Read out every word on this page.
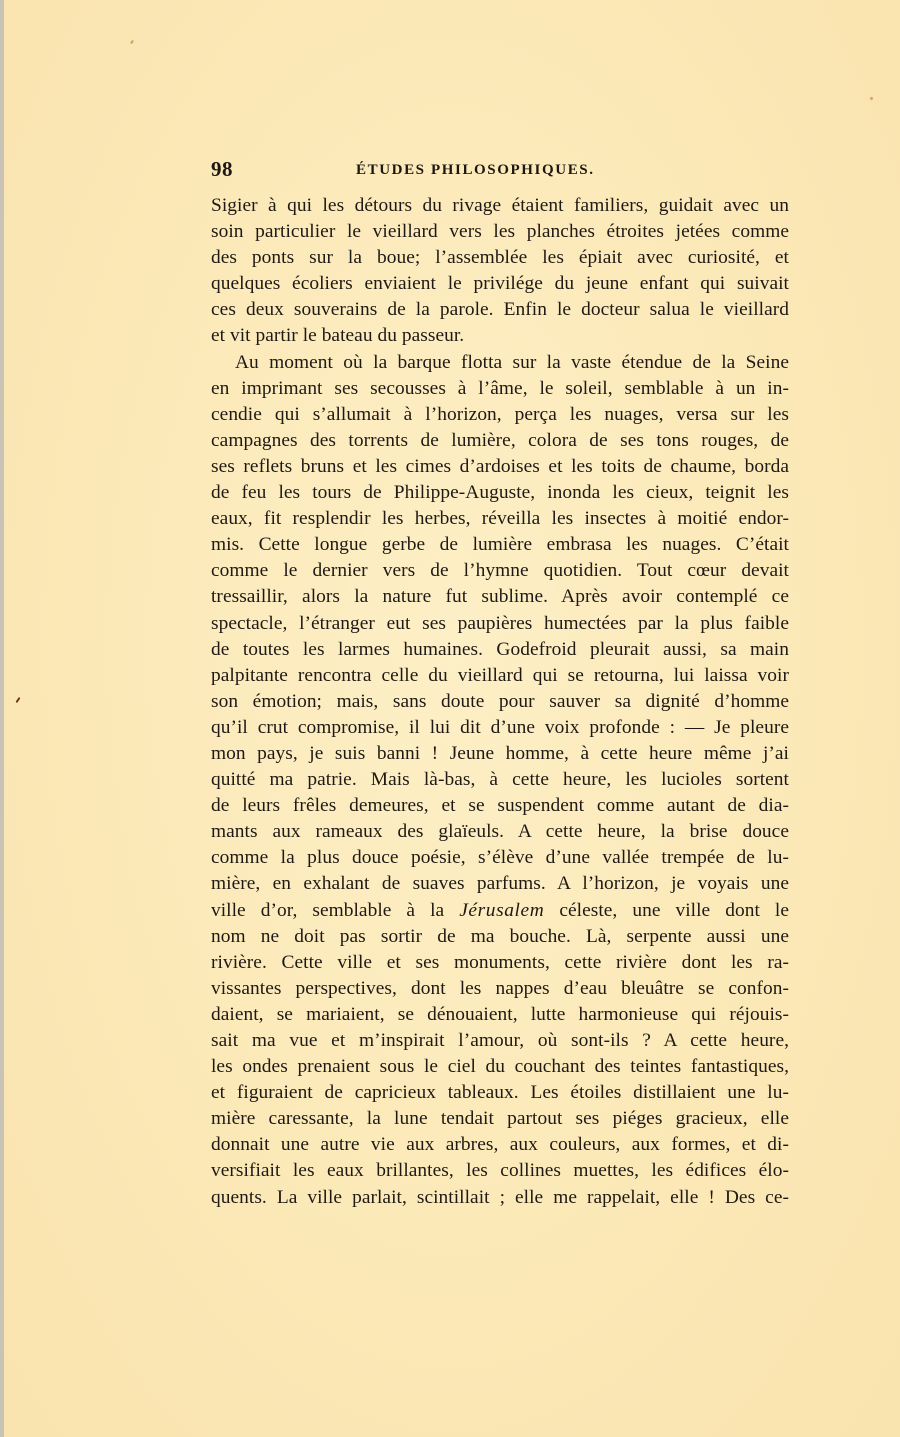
98	ÉTUDES PHILOSOPHIQUES.
Sigier à qui les détours du rivage étaient familiers, guidait avec un
soin particulier le vieillard vers les planches étroites jetées comme
des ponts sur la boue; l’assemblée les épiait avec curiosité, et
quelques écoliers enviaient le privilége du jeune enfant qui suivait
ces deux souverains de la parole. Enfin le docteur salua le vieillard
et vit partir le bateau du passeur.
Au moment où la barque flotta sur la vaste étendue de la Seine
en imprimant ses secousses à l’âme, le soleil, semblable à un in-
cendie qui s’allumait à l’horizon, perça les nuages, versa sur les
campagnes des torrents de lumière, colora de ses tons rouges, de
ses reflets bruns et les cimes d’ardoises et les toits de chaume, borda
de feu les tours de Philippe-Auguste, inonda les cieux, teignit les
eaux, fit resplendir les herbes, réveilla les insectes à moitié endor-
mis. Cette longue gerbe de lumière embrasa les nuages. C’était
comme le dernier vers de l’hymne quotidien. Tout cœur devait
tressaillir, alors la nature fut sublime. Après avoir contemplé ce
spectacle, l’étranger eut ses paupières humectées par la plus faible
de toutes les larmes humaines. Godefroid pleurait aussi, sa main
palpitante rencontra celle du vieillard qui se retourna, lui laissa voir
son émotion; mais, sans doute pour sauver sa dignité d’homme
qu’il crut compromise, il lui dit d’une voix profonde : — Je pleure
mon pays, je suis banni ! Jeune homme, à cette heure même j’ai
quitté ma patrie. Mais là-bas, à cette heure, les lucioles sortent
de leurs frêles demeures, et se suspendent comme autant de dia-
mants aux rameaux des glaïeuls. A cette heure, la brise douce
comme la plus douce poésie, s’élève d’une vallée trempée de lu-
mière, en exhalant de suaves parfums. A l’horizon, je voyais une
ville d’or, semblable à la Jérusalem céleste, une ville dont le
nom ne doit pas sortir de ma bouche. Là, serpente aussi une
rivière. Cette ville et ses monuments, cette rivière dont les ra-
vissantes perspectives, dont les nappes d’eau bleuâtre se confon-
daient, se mariaient, se dénouaient, lutte harmonieuse qui réjouis-
sait ma vue et m’inspirait l’amour, où sont-ils ? A cette heure,
les ondes prenaient sous le ciel du couchant des teintes fantastiques,
et figuraient de capricieux tableaux. Les étoiles distillaient une lu-
mière caressante, la lune tendait partout ses piéges gracieux, elle
donnait une autre vie aux arbres, aux couleurs, aux formes, et di-
versifiait les eaux brillantes, les collines muettes, les édifices élo-
quents. La ville parlait, scintillait ; elle me rappelait, elle ! Des ce-
